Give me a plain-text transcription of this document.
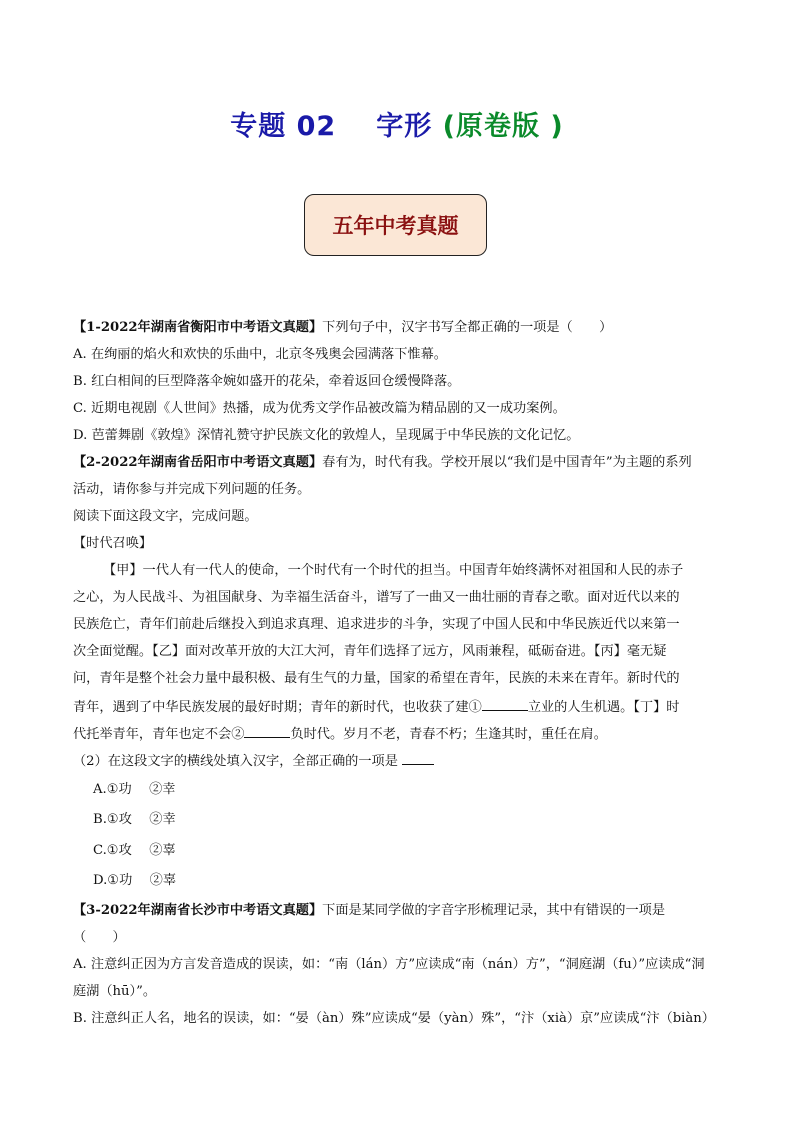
专题 02 字形 (原卷版 )
五年中考真题
【1-2022年湖南省衡阳市中考语文真题】下列句子中，汉字书写全都正确的一项是（　　）
A. 在绚丽的焰火和欢快的乐曲中，北京冬残奥会园满落下惟幕。
B. 红白相间的巨型降落伞婉如盛开的花朵，牵着返回仓缓慢降落。
C. 近期电视剧《人世间》热播，成为优秀文学作品被改篇为精品剧的又一成功案例。
D. 芭蕾舞剧《敦煌》深情礼赞守护民族文化的敦煌人，呈现属于中华民族的文化记忆。
【2-2022年湖南省岳阳市中考语文真题】春有为，时代有我。学校开展以“我们是中国青年”为主题的系列
活动，请你参与并完成下列问题的任务。
阅读下面这段文字，完成问题。
【时代召唤】
【甲】一代人有一代人的使命，一个时代有一个时代的担当。中国青年始终满怀对祖国和人民的赤子
之心，为人民战斗、为祖国献身、为幸福生活奋斗，谱写了一曲又一曲壮丽的青春之歌。面对近代以来的
民族危亡，青年们前赴后继投入到追求真理、追求进步的斗争，实现了中国人民和中华民族近代以来第一
次全面觉醒。【乙】面对改革开放的大江大河，青年们选择了远方，风雨兼程，砥砺奋进。【丙】毫无疑
问，青年是整个社会力量中最积极、最有生气的力量，国家的希望在青年，民族的未来在青年。新时代的
青年，遇到了中华民族发展的最好时期；青年的新时代，也收获了建①	立业的人生机遇。【丁】时
代托举青年，青年也定不会②	负时代。岁月不老，青春不朽；生逢其时，重任在肩。
（2）在这段文字的横线处填入汉字，全部正确的一项是
A.①功　 ②幸
B.①攻　 ②幸
C.①攻　 ②辜
D.①功　 ②辜
【3-2022年湖南省长沙市中考语文真题】下面是某同学做的字音字形梳理记录，其中有错误的一项是
（　　）
A. 注意纠正因为方言发音造成的误读，如：“南（lán）方”应读成“南（nán）方”，“洞庭湖（fu）”应读成“洞
庭湖（hū）”。
B. 注意纠正人名，地名的误读，如：“晏（àn）殊”应读成“晏（yàn）殊”，“汴（xià）京”应读成“汴（biàn）
